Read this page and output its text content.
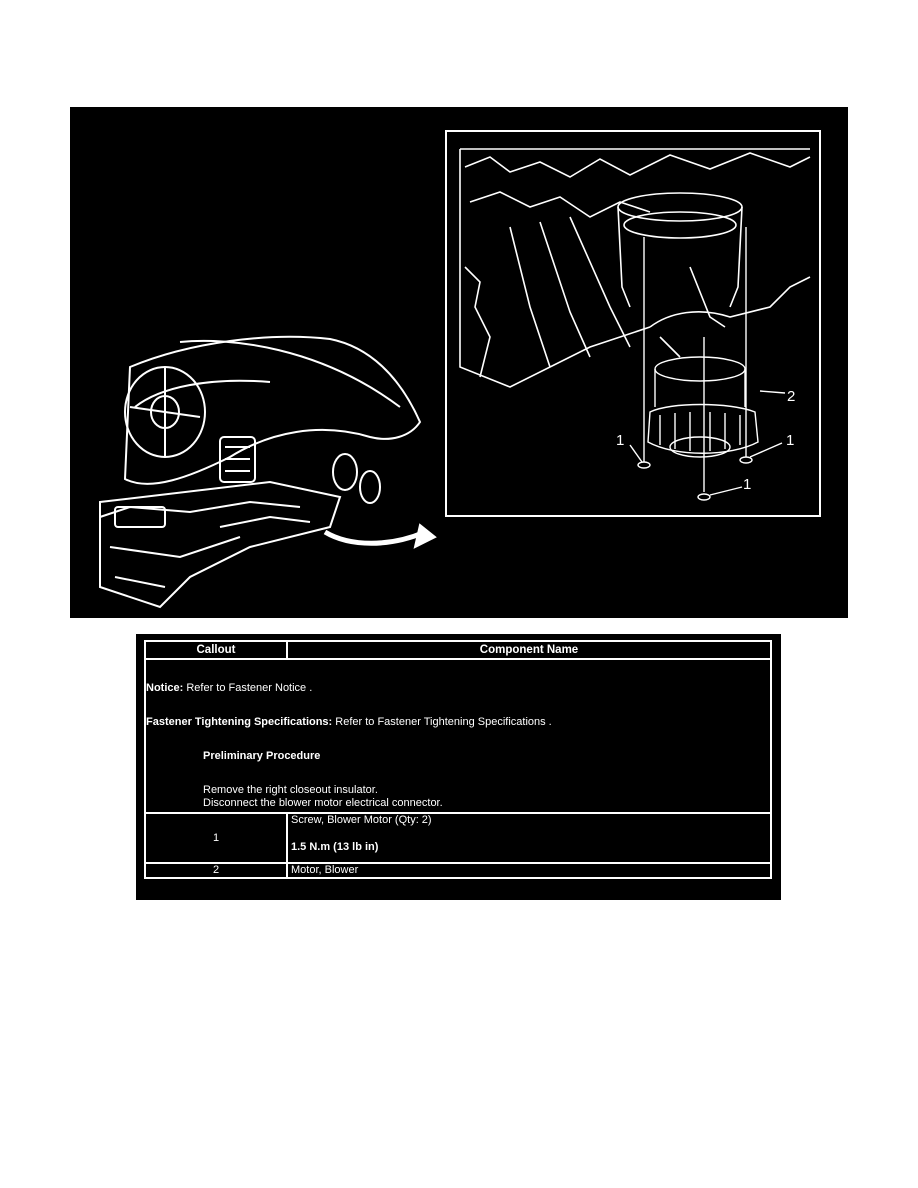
1	1
1
2
Callout	Component Name

Notice: Refer to Fastener Notice .

Fastener Tightening Specifications: Refer to Fastener Tightening Specifications .

Preliminary Procedure

Remove the right closeout insulator.

Disconnect the blower motor electrical connector.	

1	Screw, Blower Motor (Qty: 2)
1.5 N.m (13 lb in)

2	Motor, Blower
